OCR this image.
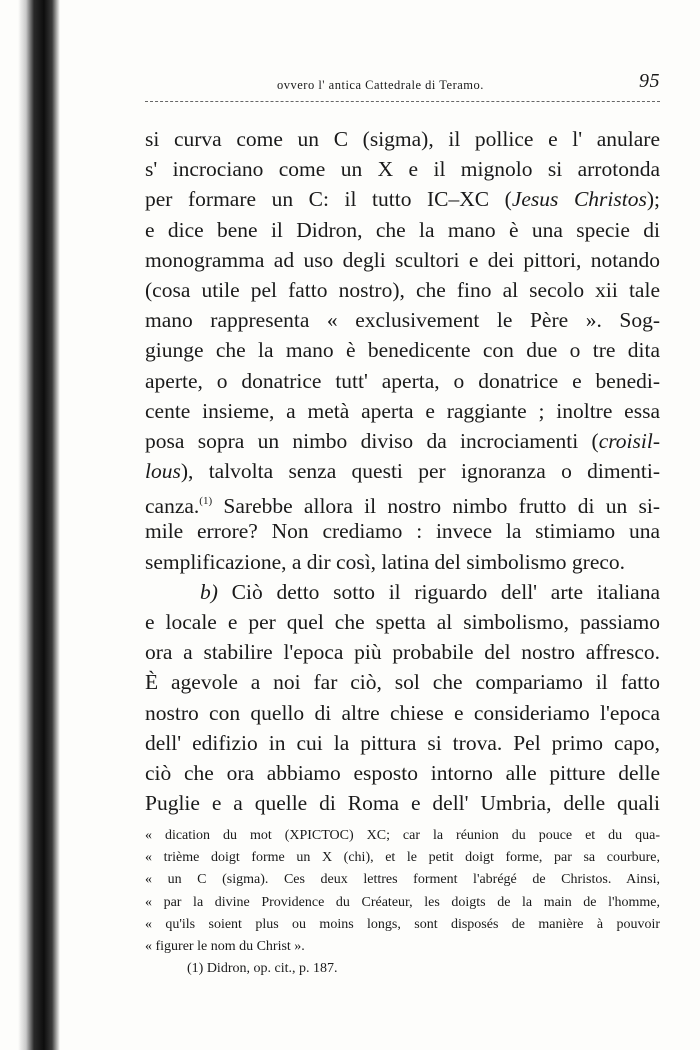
ovvero l' antica Cattedrale di Teramo.	95
si curva come un C (sigma), il pollice e l' anulare
s' incrociano come un X e il mignolo si arrotonda
per formare un C: il tutto IC–XC (Jesus Christos);
e dice bene il Didron, che la mano è una specie di
monogramma ad uso degli scultori e dei pittori, notando
(cosa utile pel fatto nostro), che fino al secolo xii tale
mano rappresenta « exclusivement le Père ». Sog-
giunge che la mano è benedicente con due o tre dita
aperte, o donatrice tutt' aperta, o donatrice e benedi-
cente insieme, a metà aperta e raggiante ; inoltre essa
posa sopra un nimbo diviso da incrociamenti (croisil-
lous), talvolta senza questi per ignoranza o dimenti-
canza.$^{(1)}$ Sarebbe allora il nostro nimbo frutto di un si-
mile errore? Non crediamo : invece la stimiamo una
semplificazione, a dir così, latina del simbolismo greco.
b) Ciò detto sotto il riguardo dell' arte italiana
e locale e per quel che spetta al simbolismo, passiamo
ora a stabilire l'epoca più probabile del nostro affresco.
È agevole a noi far ciò, sol che compariamo il fatto
nostro con quello di altre chiese e consideriamo l'epoca
dell' edifizio in cui la pittura si trova. Pel primo capo,
ciò che ora abbiamo esposto intorno alle pitture delle
Puglie e a quelle di Roma e dell' Umbria, delle quali
« dication du mot (XPICTOC) XC; car la réunion du pouce et du qua-
« trième doigt forme un X (chi), et le petit doigt forme, par sa courbure,
« un C (sigma). Ces deux lettres forment l'abrégé de Christos. Ainsi,
« par la divine Providence du Créateur, les doigts de la main de l'homme,
« qu'ils soient plus ou moins longs, sont disposés de manière à pouvoir
« figurer le nom du Christ ».
(1) Didron, op. cit., p. 187.
